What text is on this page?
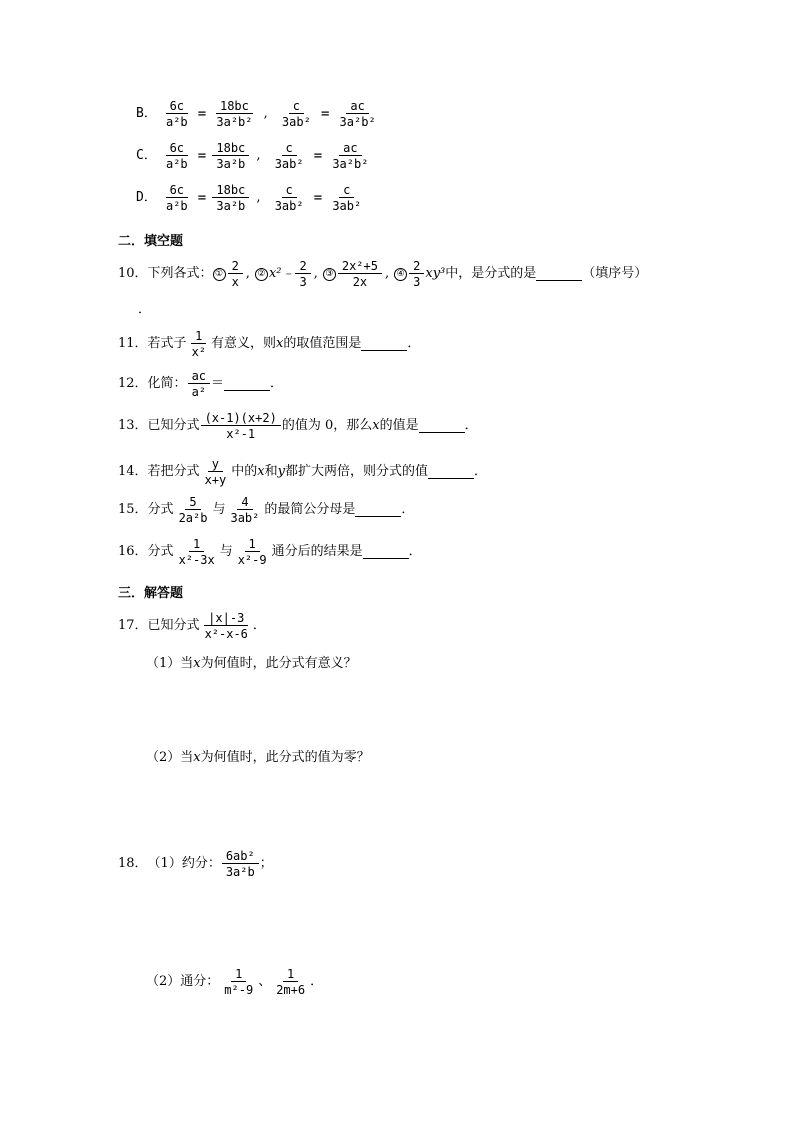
B． $\frac{6c}{\text{a²b}} = \frac{18bc}{\text{3a²b²}}$ , $\frac{c}{\text{3ab²}} = \frac{ac}{\text{3a²b²}}$
C． $\frac{6c}{\text{a²b}} = \frac{18bc}{\text{3a²b}}$ , $\frac{c}{\text{3ab²}} = \frac{ac}{\text{3a²b²}}$
D． $\frac{6c}{\text{a²b}} = \frac{18bc}{\text{3a²b}}$ , $\frac{c}{\text{3ab²}} = \frac{c}{\text{3ab²}}$
二．填空题
10．下列各式： ① $\frac{2}{x}$ , ② x²﹣ $\frac{2}{3}$ , ③ $\frac{\text{2x²+5}}{2x}$ , ④ $\frac{2}{3} xy^3$中，是分式的是	（填序号）
．
11．若式子 $\frac{1}{\text{x²}}$ 有意义，则x的取值范围是	．
12．化简： $\frac{ac}{\text{a²}}$ ＝	．
13．已知分式 $\frac{(x-1)(x+2)}{\text{x²-1}}$ 的值为 0，那么x的值是	．
14．若把分式 $\frac{y}{x+y}$ 中的x和y都扩大两倍，则分式的值	．
15．分式 $\frac{5}{\text{2a²b}}$ 与 $\frac{4}{\text{3ab²}}$ 的最简公分母是	．
16．分式 $\frac{1}{\text{x²-3x}}$ 与 $\frac{1}{\text{x²-9}}$ 通分后的结果是	．
三．解答题
17．已知分式 $\frac{|x|-3}{\text{x²-x-6}}$ ．
（1）当x为何值时，此分式有意义？
（2）当x为何值时，此分式的值为零？
18．（1）约分： $\frac{\text{6ab²}}{\text{3a²b}}$ ；
（2）通分： $\frac{1}{\text{m²-9}}$ 、 $\frac{1}{2m+6}$ ．
